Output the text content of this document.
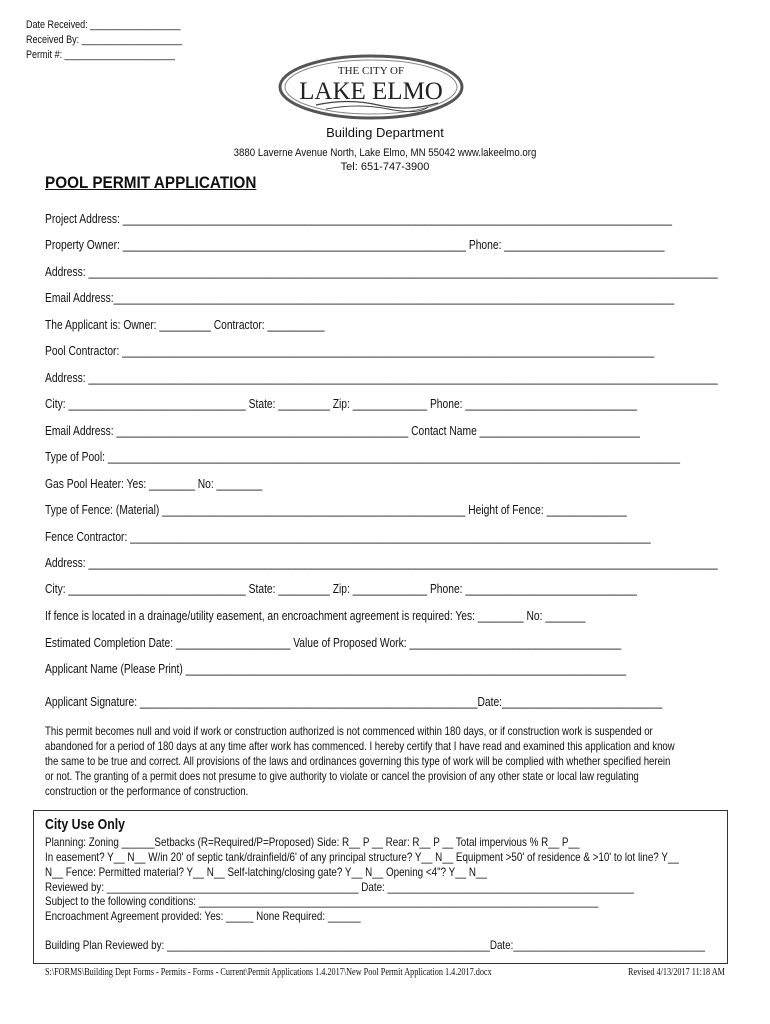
Date Received: __________________
Received By: ____________________
Permit #: ______________________
THE CITY OF
LAKE ELMO
Building Department
3880 Laverne Avenue North, Lake Elmo, MN 55042 www.lakeelmo.org
Tel: 651-747-3900
POOL PERMIT APPLICATION
Project Address: ________________________________________________________________________________________________
Property Owner: ____________________________________________________________ Phone: ____________________________
Address: ______________________________________________________________________________________________________________
Email Address:__________________________________________________________________________________________________
The Applicant is: Owner: _________ Contractor: __________
Pool Contractor: _____________________________________________________________________________________________
Address: ______________________________________________________________________________________________________________
City: _______________________________ State: _________ Zip: _____________ Phone: ______________________________
Email Address: ___________________________________________________ Contact Name ____________________________
Type of Pool: ____________________________________________________________________________________________________
Gas Pool Heater: Yes: ________ No: ________
Type of Fence: (Material) _____________________________________________________ Height of Fence: ______________
Fence Contractor: ___________________________________________________________________________________________
Address: ______________________________________________________________________________________________________________
City: _______________________________ State: _________ Zip: _____________ Phone: ______________________________
If fence is located in a drainage/utility easement, an encroachment agreement is required: Yes: ________ No: _______
Estimated Completion Date: ____________________ Value of Proposed Work: _____________________________________
Applicant Name (Please Print) _____________________________________________________________________________
Applicant Signature: ___________________________________________________________Date:____________________________

This permit becomes null and void if work or construction authorized is not commenced within 180 days, or if construction work is suspended or

abandoned for a period of 180 days at any time after work has commenced. I hereby certify that I have read and examined this application and know

the same to be true and correct. All provisions of the laws and ordinances governing this type of work will be complied with whether specified herein

or not. The granting of a permit does not presume to give authority to violate or cancel the provision of any other state or local law regulating

construction or the performance of construction.

City Use Only
Planning: Zoning ______Setbacks (R=Required/P=Proposed) Side: R__ P __ Rear: R__ P __ Total impervious % R__ P__
In easement? Y__ N__ W/in 20' of septic tank/drainfield/6' of any principal structure? Y__ N__ Equipment >50' of residence & >10' to lot line? Y__
N__ Fence: Permitted material? Y__ N__ Self-latching/closing gate? Y__ N__ Opening <4"? Y__ N__
Reviewed by: ______________________________________________ Date: _____________________________________________
Subject to the following conditions: _________________________________________________________________________
Encroachment Agreement provided: Yes: _____ None Required: ______
Building Plan Reviewed by: ___________________________________________________________Date:___________________________________
S:\FORMS\Building Dept Forms - Permits - Forms - Current\Permit Applications 1.4.2017\New Pool Permit Application 1.4.2017.docx	Revised 4/13/2017 11:18 AM
